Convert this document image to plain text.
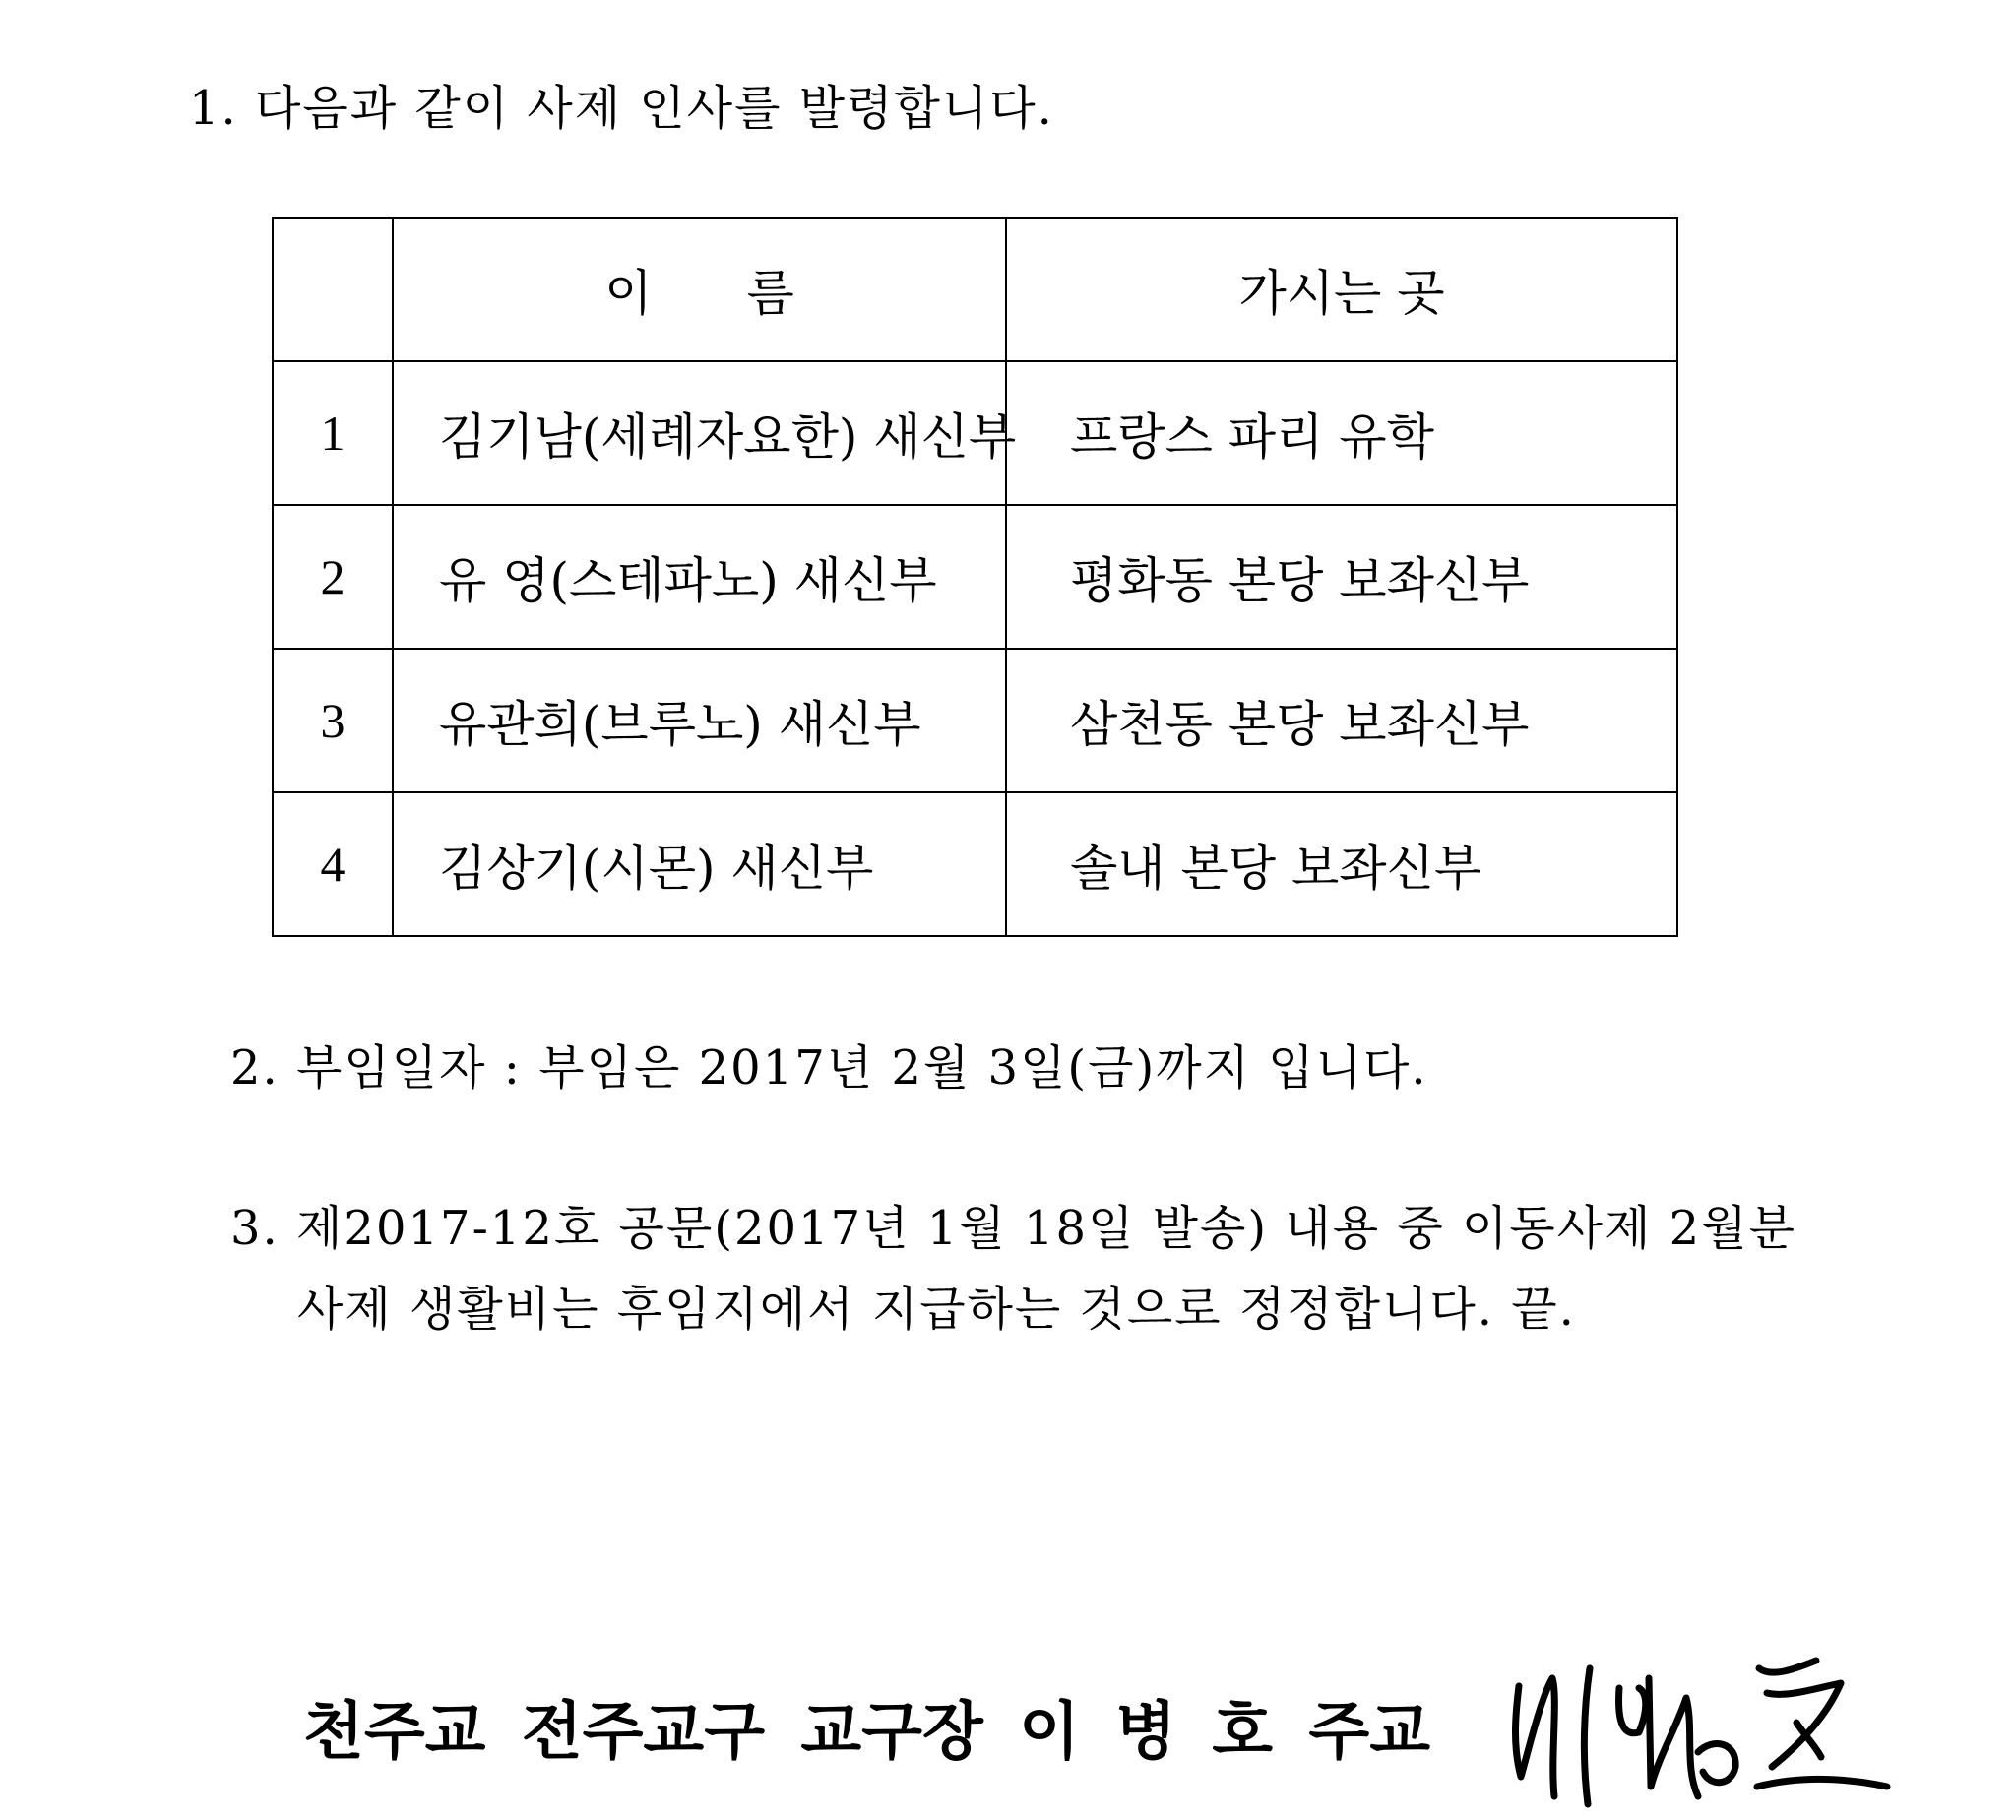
1. 다음과 같이 사제 인사를 발령합니다.
	이 름	가시는 곳
1	김기남(세례자요한) 새신부	프랑스 파리 유학
2	유 영(스테파노) 새신부	평화동 본당 보좌신부
3	유관희(브루노) 새신부	삼천동 본당 보좌신부
4	김상기(시몬) 새신부	솔내 본당 보좌신부
2. 부임일자 : 부임은 2017년 2월 3일(금)까지 입니다.
3. 제2017-12호 공문(2017년 1월 18일 발송) 내용 중 이동사제 2월분
사제 생활비는 후임지에서 지급하는 것으로 정정합니다. 끝.
천주교 전주교구 교구장 이 병 호 주교
